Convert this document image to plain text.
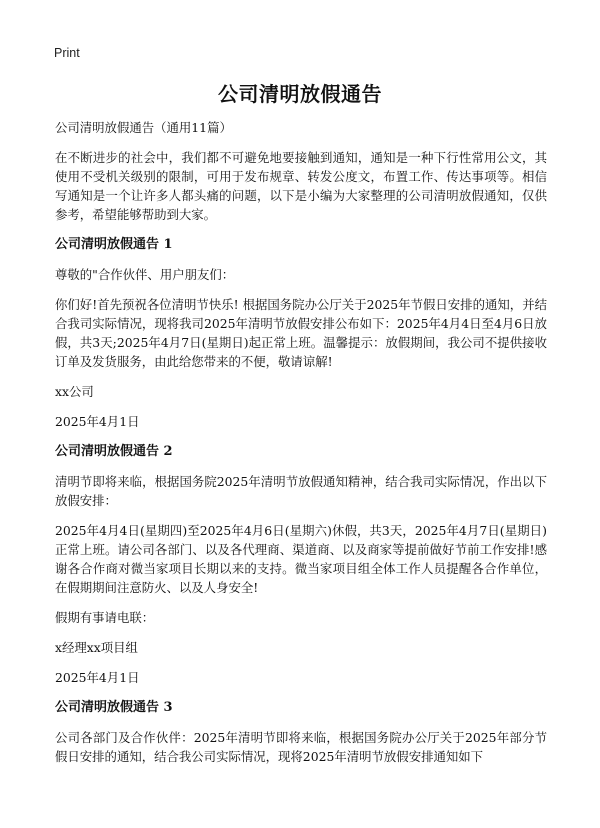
Print
公司清明放假通告

公司清明放假通告（通用11篇）

在不断进步的社会中，我们都不可避免地要接触到通知，通知是一种下行性常用公文，其使用不受机关级别的限制，可用于发布规章、转发公度文，布置工作、传达事项等。相信写通知是一个让许多人都头痛的问题，以下是小编为大家整理的公司清明放假通知，仅供参考，希望能够帮助到大家。

公司清明放假通告 1

尊敬的"合作伙伴、用户朋友们：

你们好!首先预祝各位清明节快乐! 根据国务院办公厅关于2025年节假日安排的通知，并结合我司实际情况，现将我司2025年清明节放假安排公布如下：2025年4月4日至4月6日放假，共3天;2025年4月7日(星期日)起正常上班。温馨提示：放假期间，我公司不提供接收订单及发货服务，由此给您带来的不便，敬请谅解!

xx公司

2025年4月1日

公司清明放假通告 2

清明节即将来临，根据国务院2025年清明节放假通知精神，结合我司实际情况，作出以下放假安排：

2025年4月4日(星期四)至2025年4月6日(星期六)休假，共3天，2025年4月7日(星期日)正常上班。请公司各部门、以及各代理商、渠道商、以及商家等提前做好节前工作安排!感谢各合作商对微当家项目长期以来的支持。微当家项目组全体工作人员提醒各合作单位，在假期期间注意防火、以及人身安全!

假期有事请电联：

x经理xx项目组

2025年4月1日

公司清明放假通告 3

公司各部门及合作伙伴：2025年清明节即将来临，根据国务院办公厅关于2025年部分节假日安排的通知，结合我公司实际情况，现将2025年清明节放假安排通知如下
